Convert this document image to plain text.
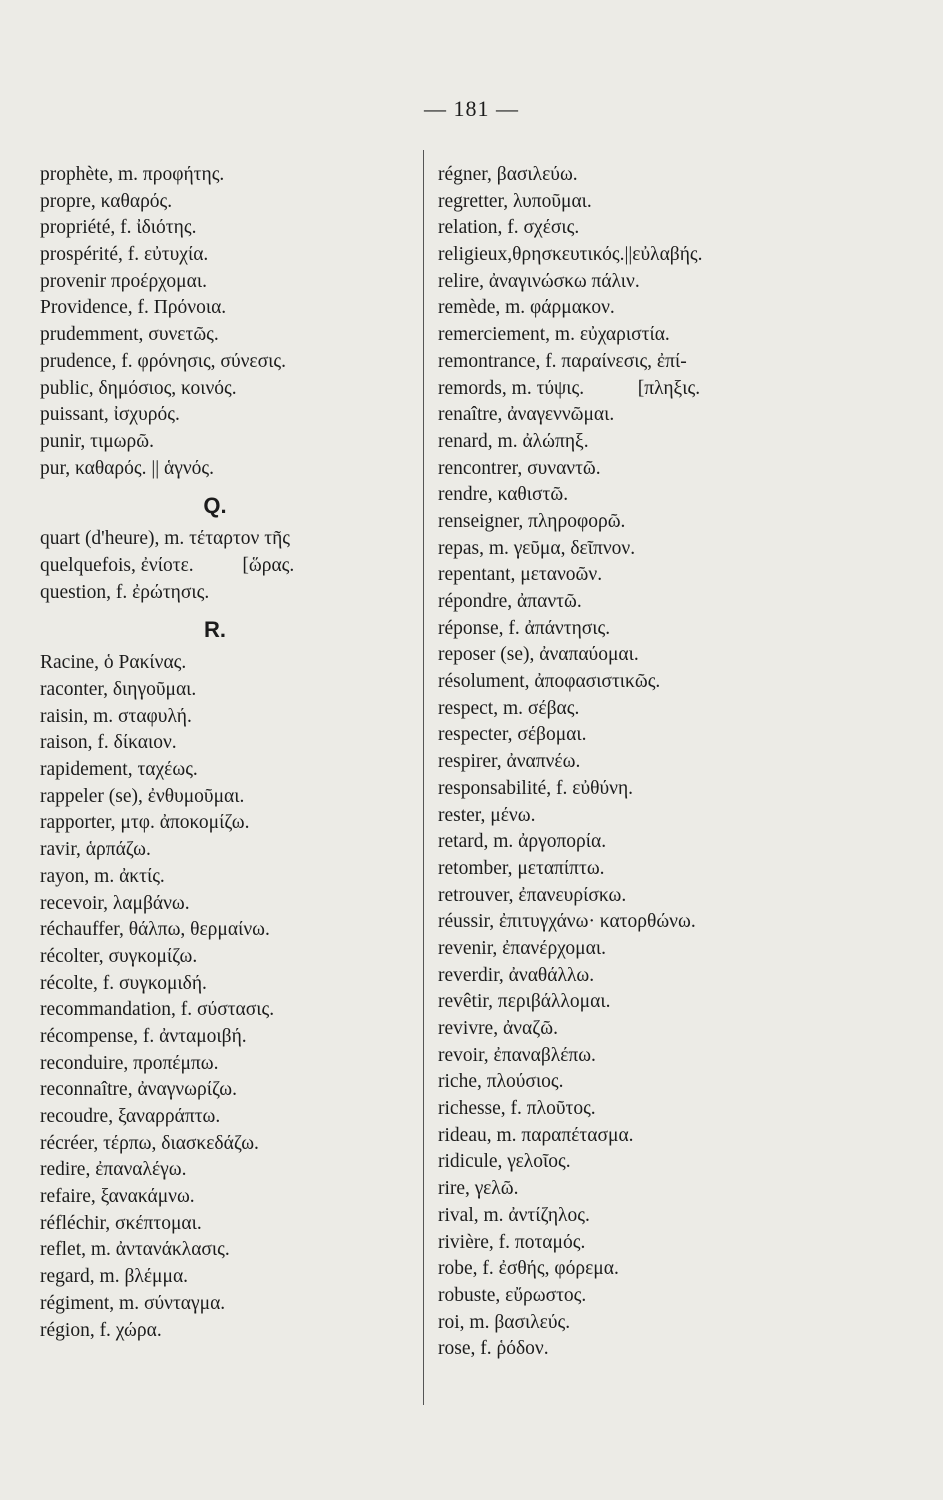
— 181 —
prophète, m. προφήτης.
propre, καθαρός.
propriété, f. ἰδιότης.
prospérité, f. εὐτυχία.
provenir προέρχομαι.
Providence, f. Πρόνοια.
prudemment, συνετῶς.
prudence, f. φρόνησις, σύνεσις.
public, δημόσιος, κοινός.
puissant, ἰσχυρός.
punir, τιμωρῶ.
pur, καθαρός. || ἁγνός.
Q.
quart (d'heure), m. τέταρτον τῆς
quelquefois, ἐνίοτε.          [ὥρας.
question, f. ἐρώτησις.
R.
Racine, ὁ Ρακίνας.
raconter, διηγοῦμαι.
raisin, m. σταφυλή.
raison, f. δίκαιον.
rapidement, ταχέως.
rappeler (se), ἐνθυμοῦμαι.
rapporter, μτφ. ἀποκομίζω.
ravir, ἁρπάζω.
rayon, m. ἀκτίς.
recevoir, λαμβάνω.
réchauffer, θάλπω, θερμαίνω.
récolter, συγκομίζω.
récolte, f. συγκομιδή.
recommandation, f. σύστασις.
récompense, f. ἀνταμοιβή.
reconduire, προπέμπω.
reconnaître, ἀναγνωρίζω.
recoudre, ξαναρράπτω.
récréer, τέρπω, διασκεδάζω.
redire, ἐπαναλέγω.
refaire, ξανακάμνω.
réfléchir, σκέπτομαι.
reflet, m. ἀντανάκλασις.
regard, m. βλέμμα.
régiment, m. σύνταγμα.
région, f. χώρα.
régner, βασιλεύω.
regretter, λυποῦμαι.
relation, f. σχέσις.
religieux,θρησκευτικός.||εὐλαβής.
relire, ἀναγινώσκω πάλιν.
remède, m. φάρμακον.
remerciement, m. εὐχαριστία.
remontrance, f. παραίνεσις, ἐπί-
remords, m. τύψις.           [πληξις.
renaître, ἀναγεννῶμαι.
renard, m. ἀλώπηξ.
rencontrer, συναντῶ.
rendre, καθιστῶ.
renseigner, πληροφορῶ.
repas, m. γεῦμα, δεῖπνον.
repentant, μετανοῶν.
répondre, ἀπαντῶ.
réponse, f. ἀπάντησις.
reposer (se), ἀναπαύομαι.
résolument, ἀποφασιστικῶς.
respect, m. σέβας.
respecter, σέβομαι.
respirer, ἀναπνέω.
responsabilité, f. εὐθύνη.
rester, μένω.
retard, m. ἀργοπορία.
retomber, μεταπίπτω.
retrouver, ἐπανευρίσκω.
réussir, ἐπιτυγχάνω· κατορθώνω.
revenir, ἐπανέρχομαι.
reverdir, ἀναθάλλω.
revêtir, περιβάλλομαι.
revivre, ἀναζῶ.
revoir, ἐπαναβλέπω.
riche, πλούσιος.
richesse, f. πλοῦτος.
rideau, m. παραπέτασμα.
ridicule, γελοῖος.
rire, γελῶ.
rival, m. ἀντίζηλος.
rivière, f. ποταμός.
robe, f. ἐσθής, φόρεμα.
robuste, εὔρωστος.
roi, m. βασιλεύς.
rose, f. ῥόδον.
